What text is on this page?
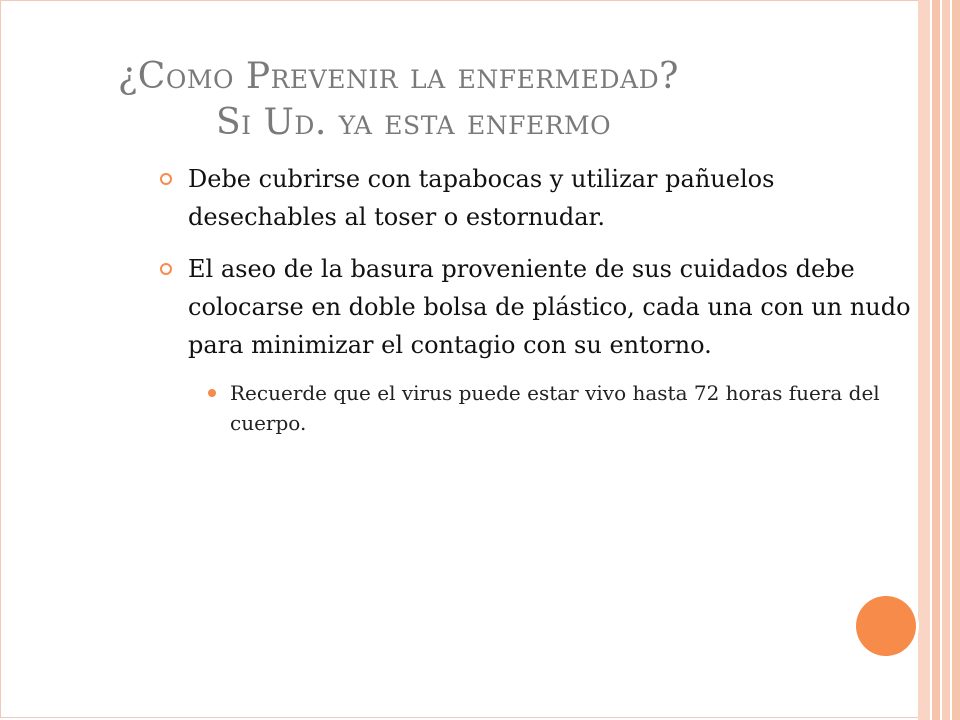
¿Como Prevenir la enfermedad?
Si Ud. ya esta enfermo
Debe cubrirse con tapabocas y utilizar pañuelos desechables al toser o estornudar.
El aseo de la basura proveniente de sus cuidados debe colocarse en doble bolsa de plástico, cada una con un nudo para minimizar el contagio con su entorno.
Recuerde que el virus puede estar vivo hasta 72 horas fuera del cuerpo.
